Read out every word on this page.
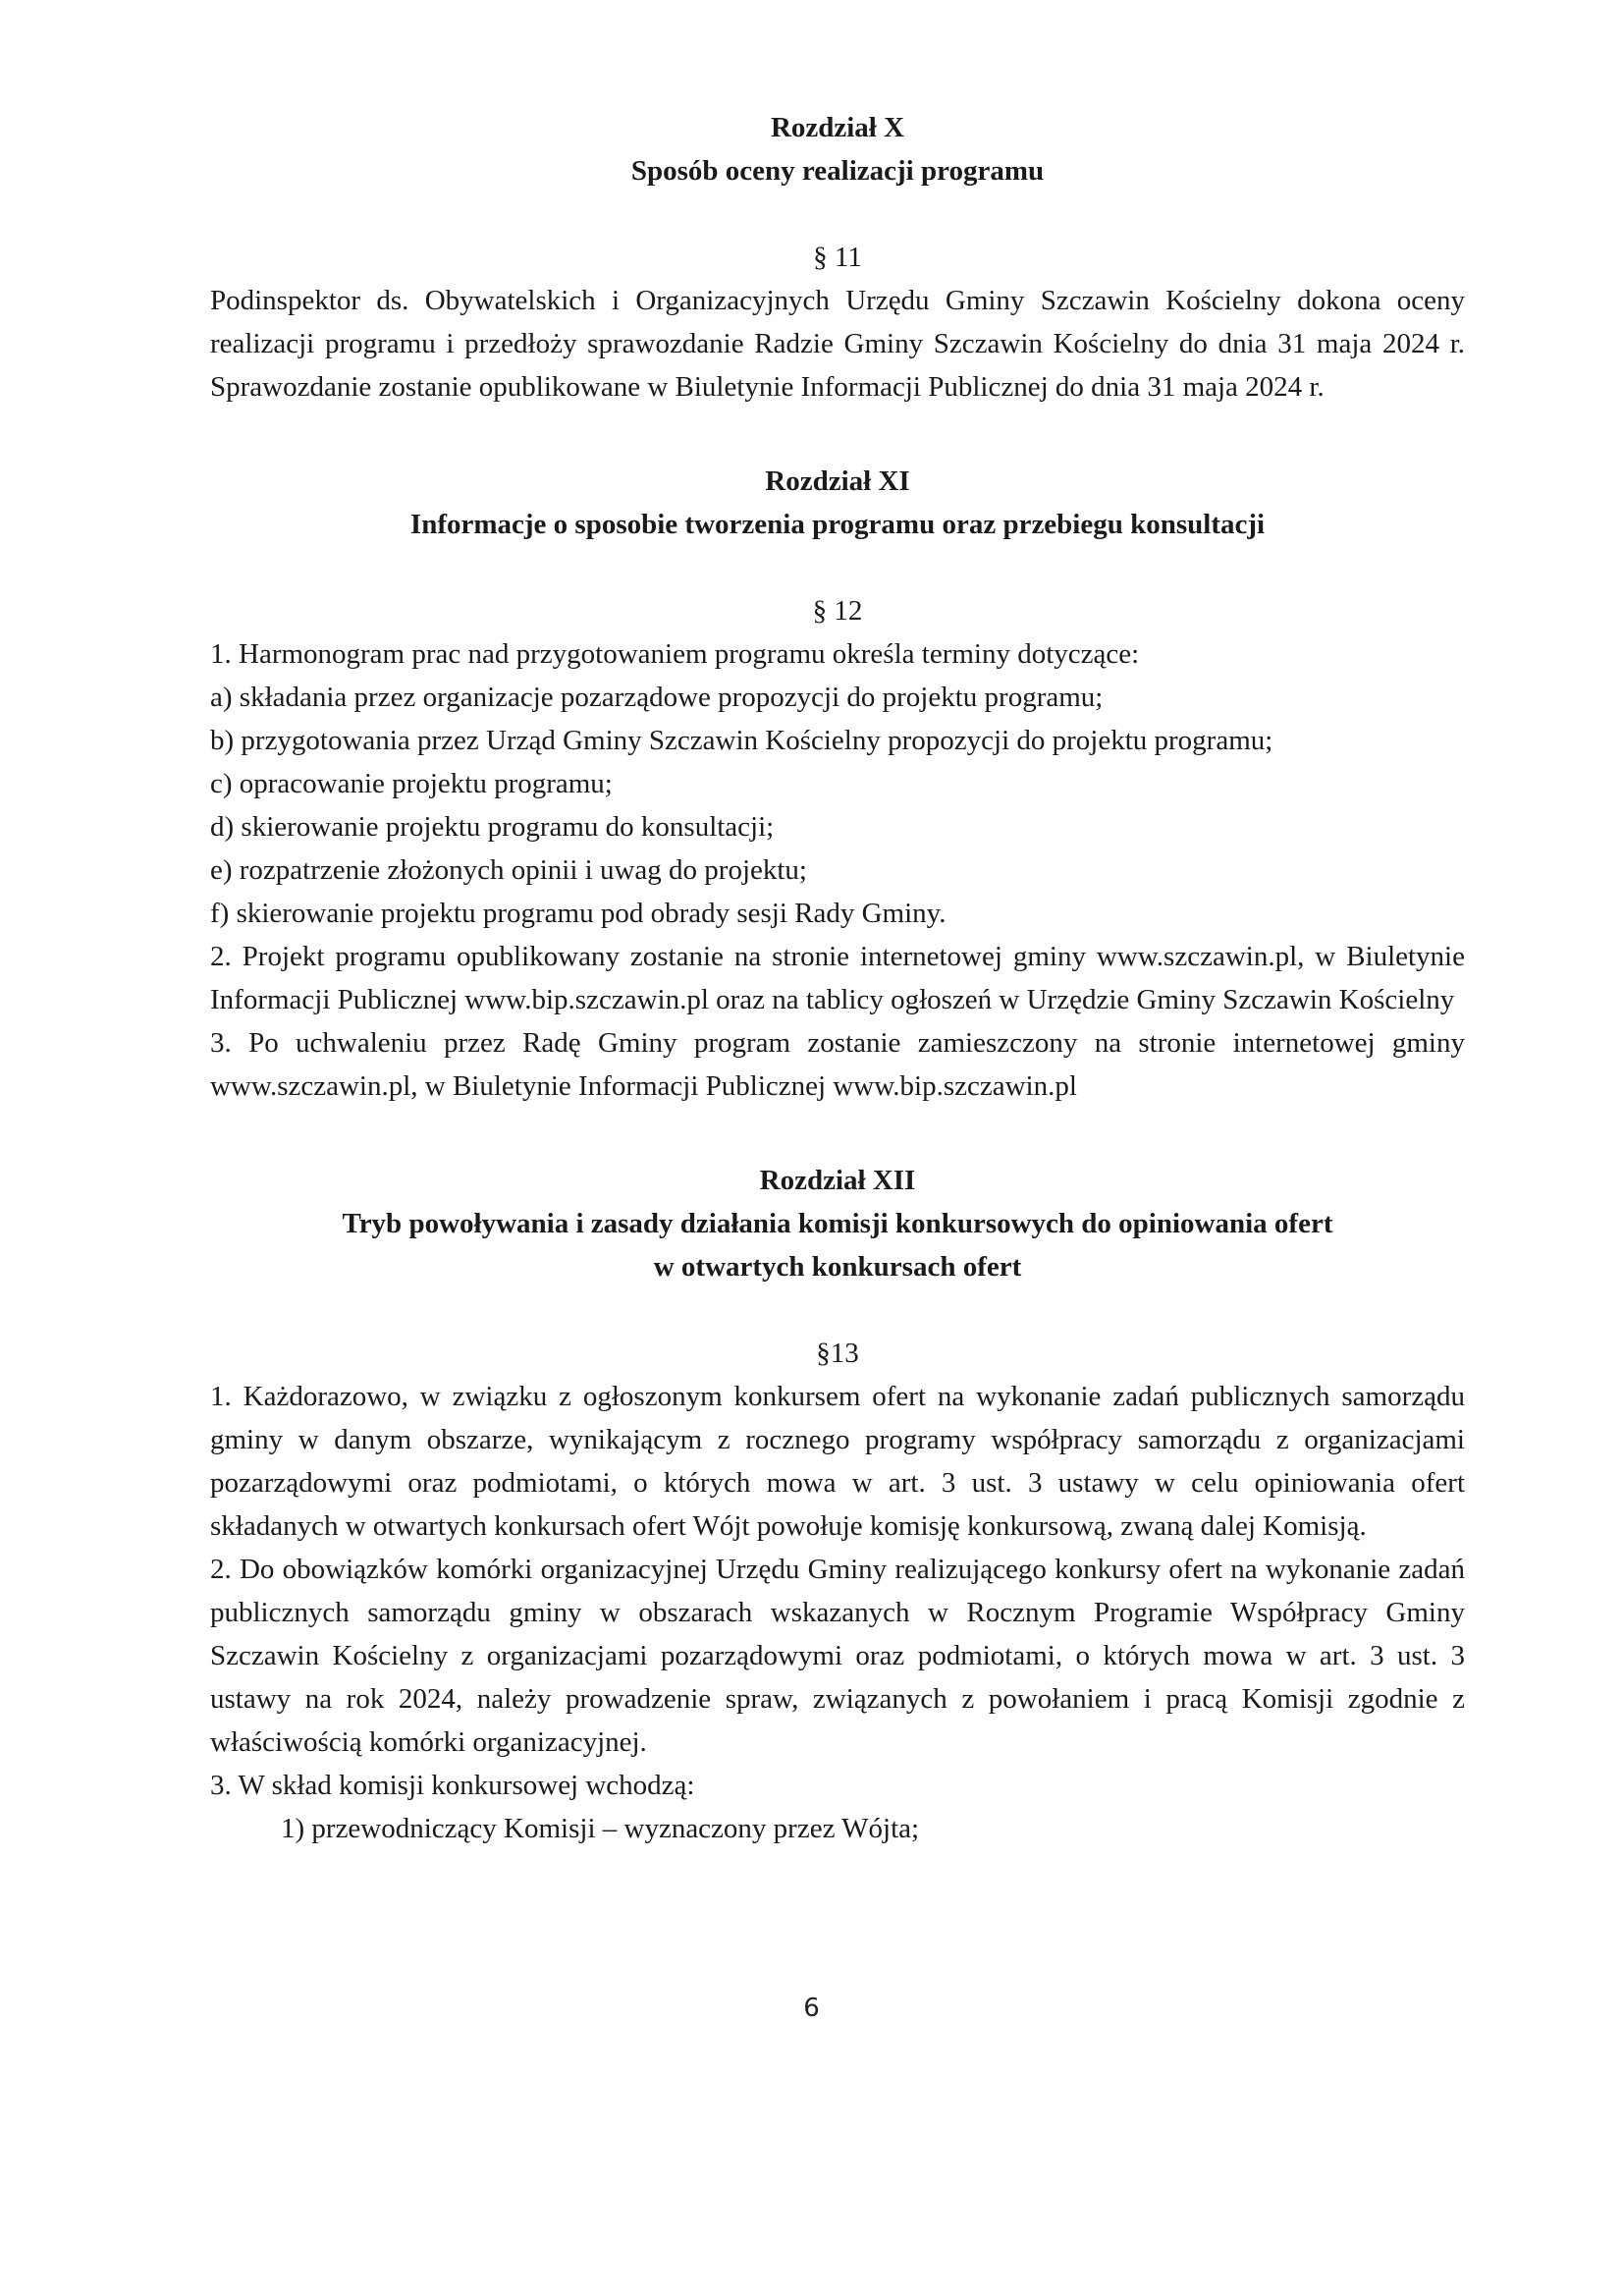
Rozdział X

Sposób oceny realizacji programu

§ 11

Podinspektor ds. Obywatelskich i Organizacyjnych Urzędu Gminy Szczawin Kościelny dokona oceny realizacji programu i przedłoży sprawozdanie Radzie Gminy Szczawin Kościelny do dnia 31 maja 2024 r. Sprawozdanie zostanie opublikowane w Biuletynie Informacji Publicznej do dnia 31 maja 2024 r.

Rozdział XI

Informacje o sposobie tworzenia programu oraz przebiegu konsultacji

§ 12

1. Harmonogram prac nad przygotowaniem programu określa terminy dotyczące:

a) składania przez organizacje pozarządowe propozycji do projektu programu;

b) przygotowania przez Urząd Gminy Szczawin Kościelny propozycji do projektu programu;

c) opracowanie projektu programu;

d) skierowanie projektu programu do konsultacji;

e) rozpatrzenie złożonych opinii i uwag do projektu;

f) skierowanie projektu programu pod obrady sesji Rady Gminy.

2. Projekt programu opublikowany zostanie na stronie internetowej gminy www.szczawin.pl, w Biuletynie Informacji Publicznej www.bip.szczawin.pl oraz na tablicy ogłoszeń w Urzędzie Gminy Szczawin Kościelny

3. Po uchwaleniu przez Radę Gminy program zostanie zamieszczony na stronie internetowej gminy www.szczawin.pl, w Biuletynie Informacji Publicznej www.bip.szczawin.pl

Rozdział XII

Tryb powoływania i zasady działania komisji konkursowych do opiniowania ofert

w otwartych konkursach ofert

§13

1. Każdorazowo, w związku z ogłoszonym konkursem ofert na wykonanie zadań publicznych samorządu gminy w danym obszarze, wynikającym z rocznego programy współpracy samorządu z organizacjami pozarządowymi oraz podmiotami, o których mowa w art. 3 ust. 3 ustawy w celu opiniowania ofert składanych w otwartych konkursach ofert Wójt powołuje komisję konkursową, zwaną dalej Komisją.

2. Do obowiązków komórki organizacyjnej Urzędu Gminy realizującego konkursy ofert na wykonanie zadań publicznych samorządu gminy w obszarach wskazanych w Rocznym Programie Współpracy Gminy Szczawin Kościelny z organizacjami pozarządowymi oraz podmiotami, o których mowa w art. 3 ust. 3 ustawy na rok 2024, należy prowadzenie spraw, związanych z powołaniem i pracą Komisji zgodnie z właściwością komórki organizacyjnej.

3. W skład komisji konkursowej wchodzą:

1) przewodniczący Komisji – wyznaczony przez Wójta;

6
